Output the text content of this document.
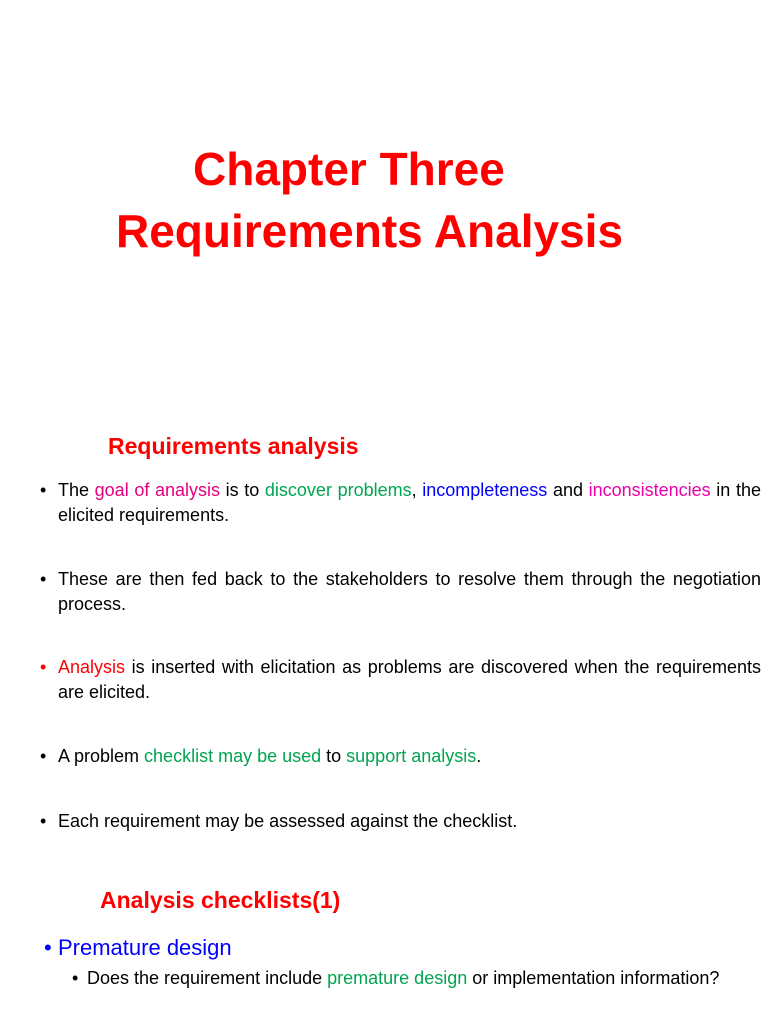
Chapter Three
Requirements Analysis
Requirements analysis
• The goal of analysis is to discover problems, incompleteness and inconsistencies in the elicited requirements.
• These are then fed back to the stakeholders to resolve them through the negotiation process.
• Analysis is inserted with elicitation as problems are discovered when the requirements are elicited.
• A problem checklist may be used to support analysis.
• Each requirement may be assessed against the checklist.
Analysis checklists(1)
• Premature design
• Does the requirement include premature design or implementation information?
